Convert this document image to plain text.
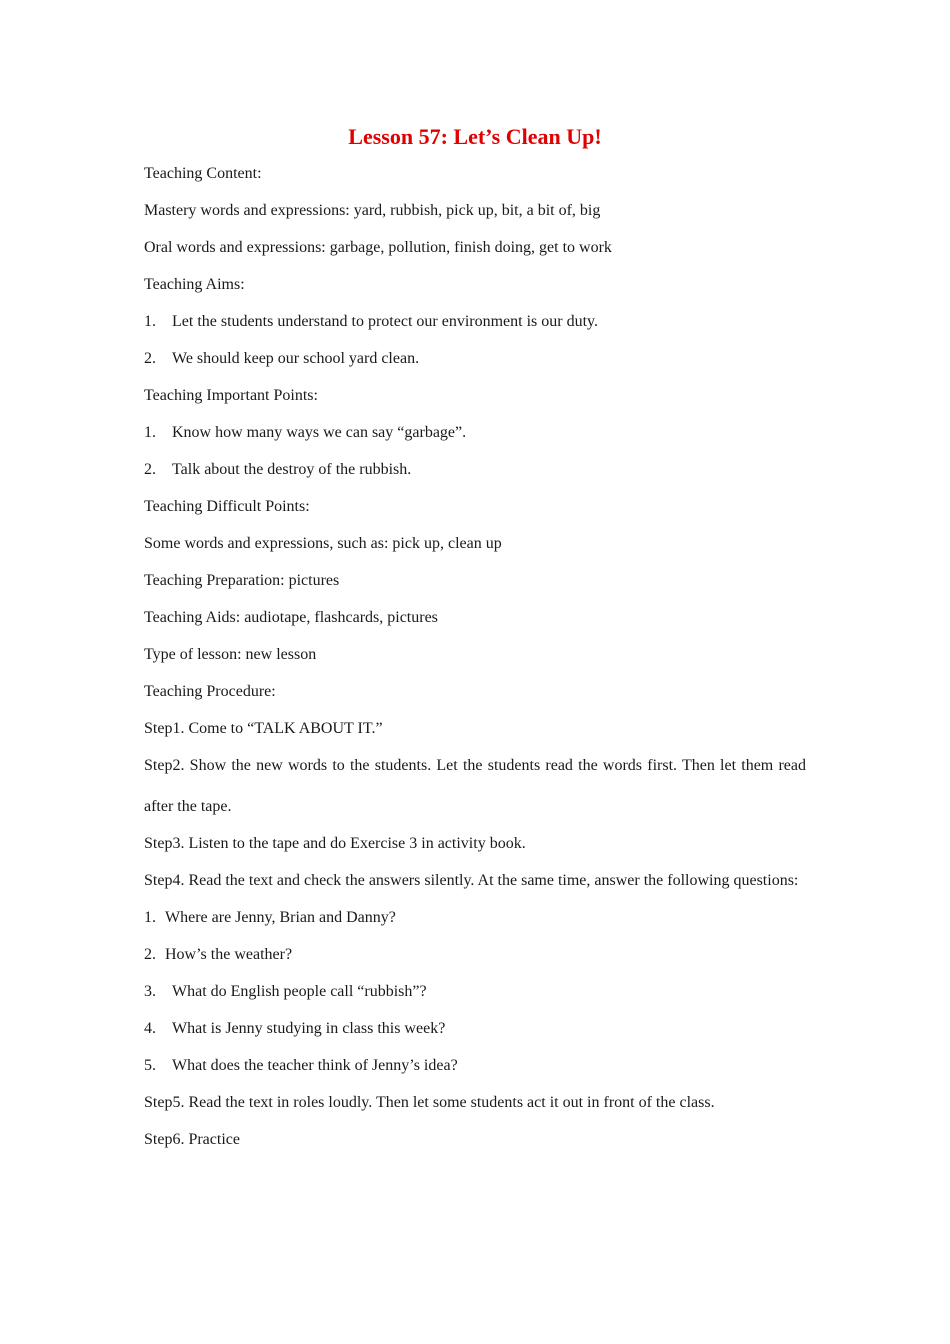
Lesson 57: Let’s Clean Up!
Teaching Content:
Mastery words and expressions: yard, rubbish, pick up, bit, a bit of, big
Oral words and expressions: garbage, pollution, finish doing, get to work
Teaching Aims:
1. Let the students understand to protect our environment is our duty.
2. We should keep our school yard clean.
Teaching Important Points:
1. Know how many ways we can say “garbage”.
2. Talk about the destroy of the rubbish.
Teaching Difficult Points:
Some words and expressions, such as: pick up, clean up
Teaching Preparation: pictures
Teaching Aids: audiotape, flashcards, pictures
Type of lesson: new lesson
Teaching Procedure:
Step1. Come to “TALK ABOUT IT.”
Step2. Show the new words to the students. Let the students read the words first. Then let them read after the tape.
Step3. Listen to the tape and do Exercise 3 in activity book.
Step4. Read the text and check the answers silently. At the same time, answer the following questions:
1. Where are Jenny, Brian and Danny?
2. How’s the weather?
3. What do English people call “rubbish”?
4. What is Jenny studying in class this week?
5. What does the teacher think of Jenny’s idea?
Step5. Read the text in roles loudly. Then let some students act it out in front of the class.
Step6. Practice
